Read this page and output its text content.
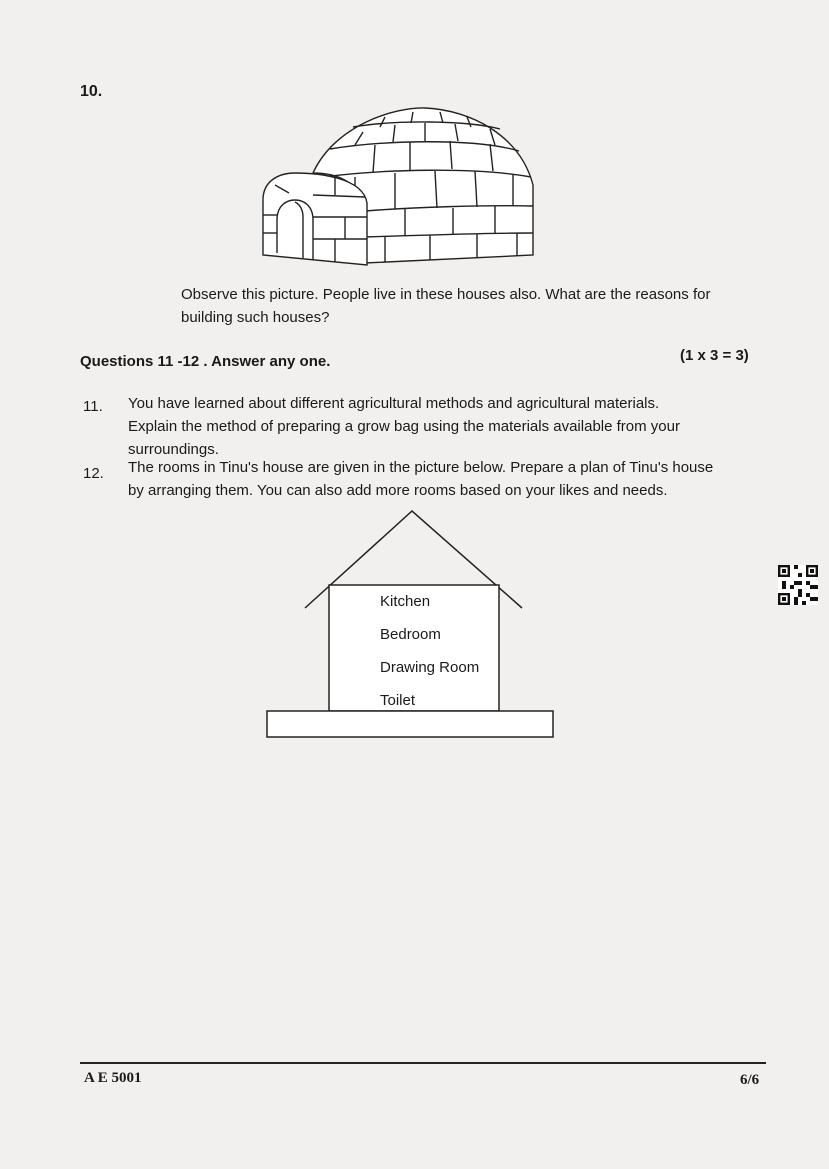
10.
Observe this picture. People live in these houses also. What are the reasons for
building such houses?
Questions 11 -12 . Answer any one.	(1 x 3 = 3)
11. You have learned about different agricultural methods and agricultural materials.
Explain the method of preparing a grow bag using the materials available from your
surroundings.
12. The rooms in Tinu's house are given in the picture below. Prepare a plan of Tinu's house
by arranging them. You can also add more rooms based on your likes and needs.
Kitchen
Bedroom
Drawing Room
Toilet
A E 5001	6/6
